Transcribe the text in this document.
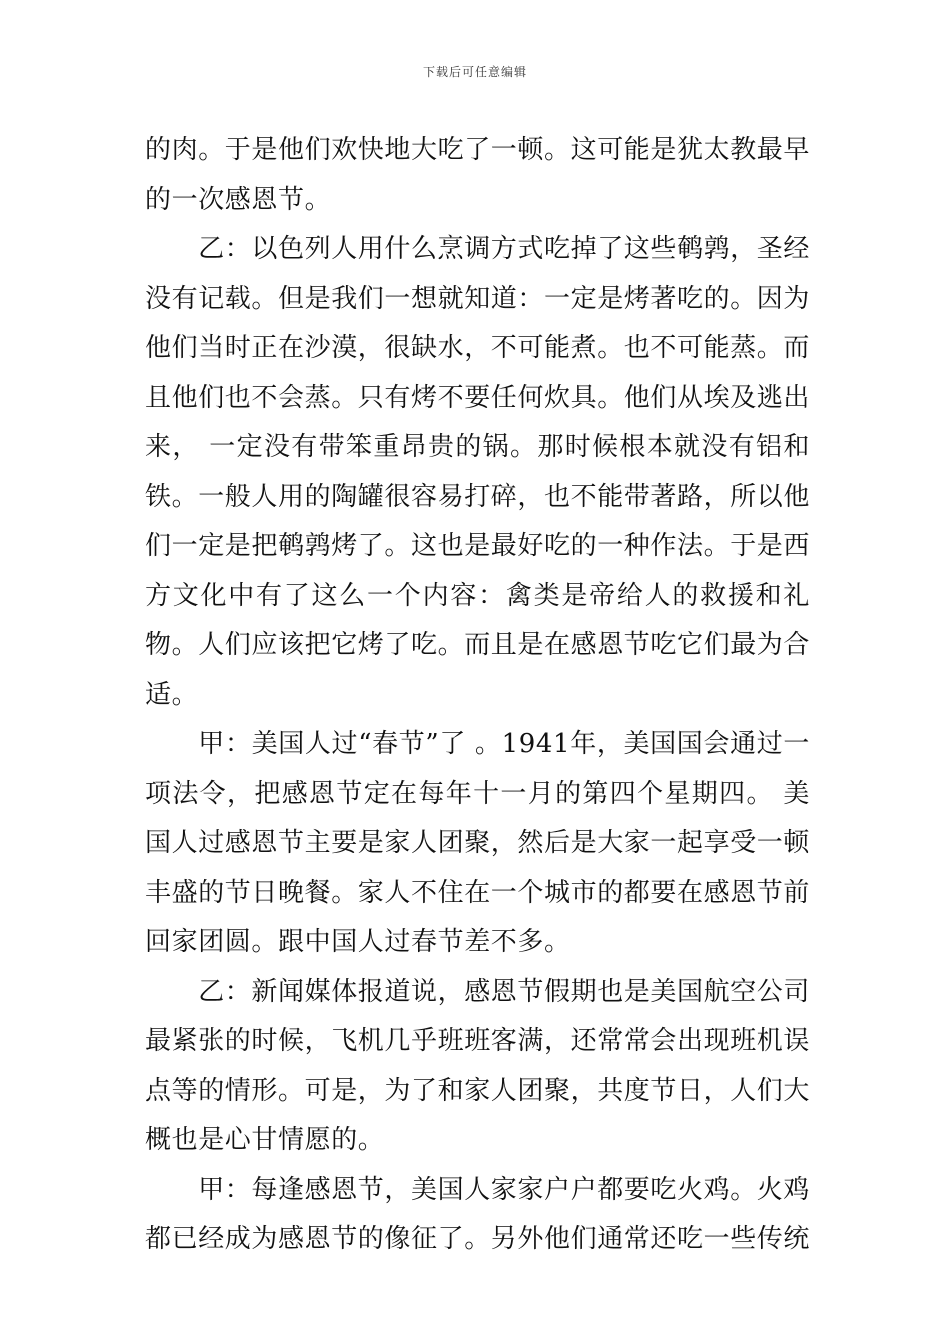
下载后可任意编辑

的肉。于是他们欢快地大吃了一顿。这可能是犹太教最早的一次感恩节。

　　乙：以色列人用什么烹调方式吃掉了这些鹌鹑，圣经没有记载。但是我们一想就知道：一定是烤著吃的。因为他们当时正在沙漠，很缺水，不可能煮。也不可能蒸。而且他们也不会蒸。只有烤不要任何炊具。他们从埃及逃出来， 一定没有带笨重昂贵的锅。那时候根本就没有铝和铁。一般人用的陶罐很容易打碎，也不能带著路，所以他们一定是把鹌鹑烤了。这也是最好吃的一种作法。于是西方文化中有了这么一个内容：禽类是帝给人的救援和礼物。人们应该把它烤了吃。而且是在感恩节吃它们最为合适。

　　甲：美国人过“春节”了 。1941年，美国国会通过一项法令，把感恩节定在每年十一月的第四个星期四。 美国人过感恩节主要是家人团聚，然后是大家一起享受一顿丰盛的节日晚餐。家人不住在一个城市的都要在感恩节前回家团圆。跟中国人过春节差不多。

　　乙：新闻媒体报道说，感恩节假期也是美国航空公司最紧张的时候，飞机几乎班班客满，还常常会出现班机误点等的情形。可是，为了和家人团聚，共度节日，人们大概也是心甘情愿的。

　　甲：每逢感恩节，美国人家家户户都要吃火鸡。火鸡都已经成为感恩节的像征了。另外他们通常还吃一些传统
